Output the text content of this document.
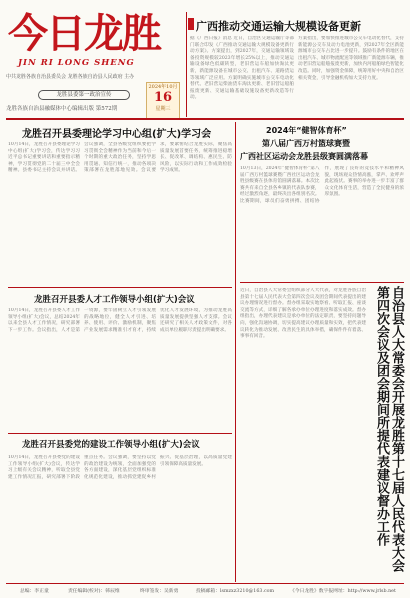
今日龙胜
JIN RI LONG SHENG
中共龙胜各族自治县委员会 龙胜各族自治县人民政府 主办
2024年10月
16
星期三
龙胜县委第一政治宣传
龙胜各族自治县融媒体中心编辑出版 第572期
广西推动交通运输大规模设备更新
据《广西日报》消息 近日，自治区交通运输厅等部门联合印发《广西推动交通运输大规模设备更新行动方案》。方案提出，到2027年，交通运输领域设备投资规模较2023年增长25%以上，推动交通运输设备绿色低碳转型，老旧营运车船加快淘汰更新，新能源设备在城市公交、出租汽车、道路货运等领域广泛应用。方案明确实施城市公交车电动化替代、老旧营运柴油货车淘汰更新、老旧营运船舶报废更新、交通运输基础设施设备更新改造等行动。
方案指出，要加快推进城市公交车电动化替代，支持新能源公交车及动力电池更新，到2027年全区新能源城市公交车占比进一步提升。鼓励有条件的地区在出租汽车、城市物流配送等领域推广新能源车辆，推动老旧营运船舶报废更新，加快内河船舶绿色智能化改造。同时，加强资金保障，统筹用好中央和自治区相关资金，引导金融机构加大支持力度。
龙胜召开县委理论学习中心组(扩大)学习会
10月14日，龙胜召开县委理论学习中心组(扩大)学习会，传达学习习近平总书记重要讲话和重要指示精神，学习贯彻党的二十届三中全会精神。县委书记主持会议并讲话。会议强调，全县各级党组织要把学习贯彻全会精神作为当前和今后一个时期的重大政治任务，坚持学思用贯通、知信行统一，推动各项决策部署在龙胜落地见效。会议要求，要紧密结合龙胜实际，聚焦高质量发展首要任务，统筹推进稳增长、促改革、调结构、惠民生、防风险，以实际行动和工作成效检验学习成果。
龙胜召开县委人才工作领导小组(扩大)会议
10月14日，龙胜召开县委人才工作领导小组(扩大)会议，总结2024年以来全县人才工作情况，研究部署下一步工作。会议指出，人才是第一资源，要牢固树立人才引领发展的战略地位，健全人才引进、培养、使用、评价、激励机制，聚焦产业发展需求精准引才育才，持续优化人才发展环境，为推动龙胜高质量发展提供坚强人才支撑。会议还研究了相关人才政策文件，对各成员单位履职尽责提出明确要求。
龙胜召开县委党的建设工作领导小组(扩大)会议
10月14日，龙胜召开县委党的建设工作领导小组(扩大)会议，传达学习上级有关会议精神，听取全县党建工作情况汇报，研究部署下阶段重点任务。会议强调，要坚持以党的政治建设为统领，全面加强党的各方面建设，深化基层党组织标准化规范化建设，推动抓党建促乡村振兴、促基层治理，以高质量党建引领保障高质量发展。
2024年“健智体育杯”
第八届广西万村篮球赛暨
广西社区运动会龙胜县级赛圆满落幕
10月13日，2024年“健智体育杯”第八届广西万村篮球赛暨广西社区运动会龙胜县级赛在县体育馆圆满落幕。本次比赛共有来自全县各乡镇的代表队参赛，经过激烈角逐，最终决出各组别名次。比赛期间，球员们奋勇拼搏、团结协作，展现了良好的竞技水平和精神风貌，现场观众热情高涨，掌声、欢呼声此起彼伏。赛事的举办进一步丰富了群众文化体育生活，营造了全民健身的浓厚氛围。
近日，自治县人大常委会组织部分人大代表，对龙胜各族自治县第十七届人民代表大会第四次会议及团会期间代表提出的建议办理情况进行督办。督办组采取实地察看、听取汇报、座谈交流等方式，详细了解各承办单位办理进度和落实成效。督办组指出，办理代表建议是承办单位的法定职责，要坚持问题导向，强化沟通协调，切实提高建议办理质量和实效，把代表建议转化为推动发展、改善民生的具体举措，确保件件有着落、事事有回音。	自治县人大常委会开展龙胜第十七届人民代表大会第四次会议及团会期间所提代表建议督办工作
总编：李正童	责任编辑(校对)：韩辰维	终审签发：吴新勇	投稿邮箱：lsmzxz3210@163.com	《今日龙胜》数字报网址：http://www.jrlsb.net
